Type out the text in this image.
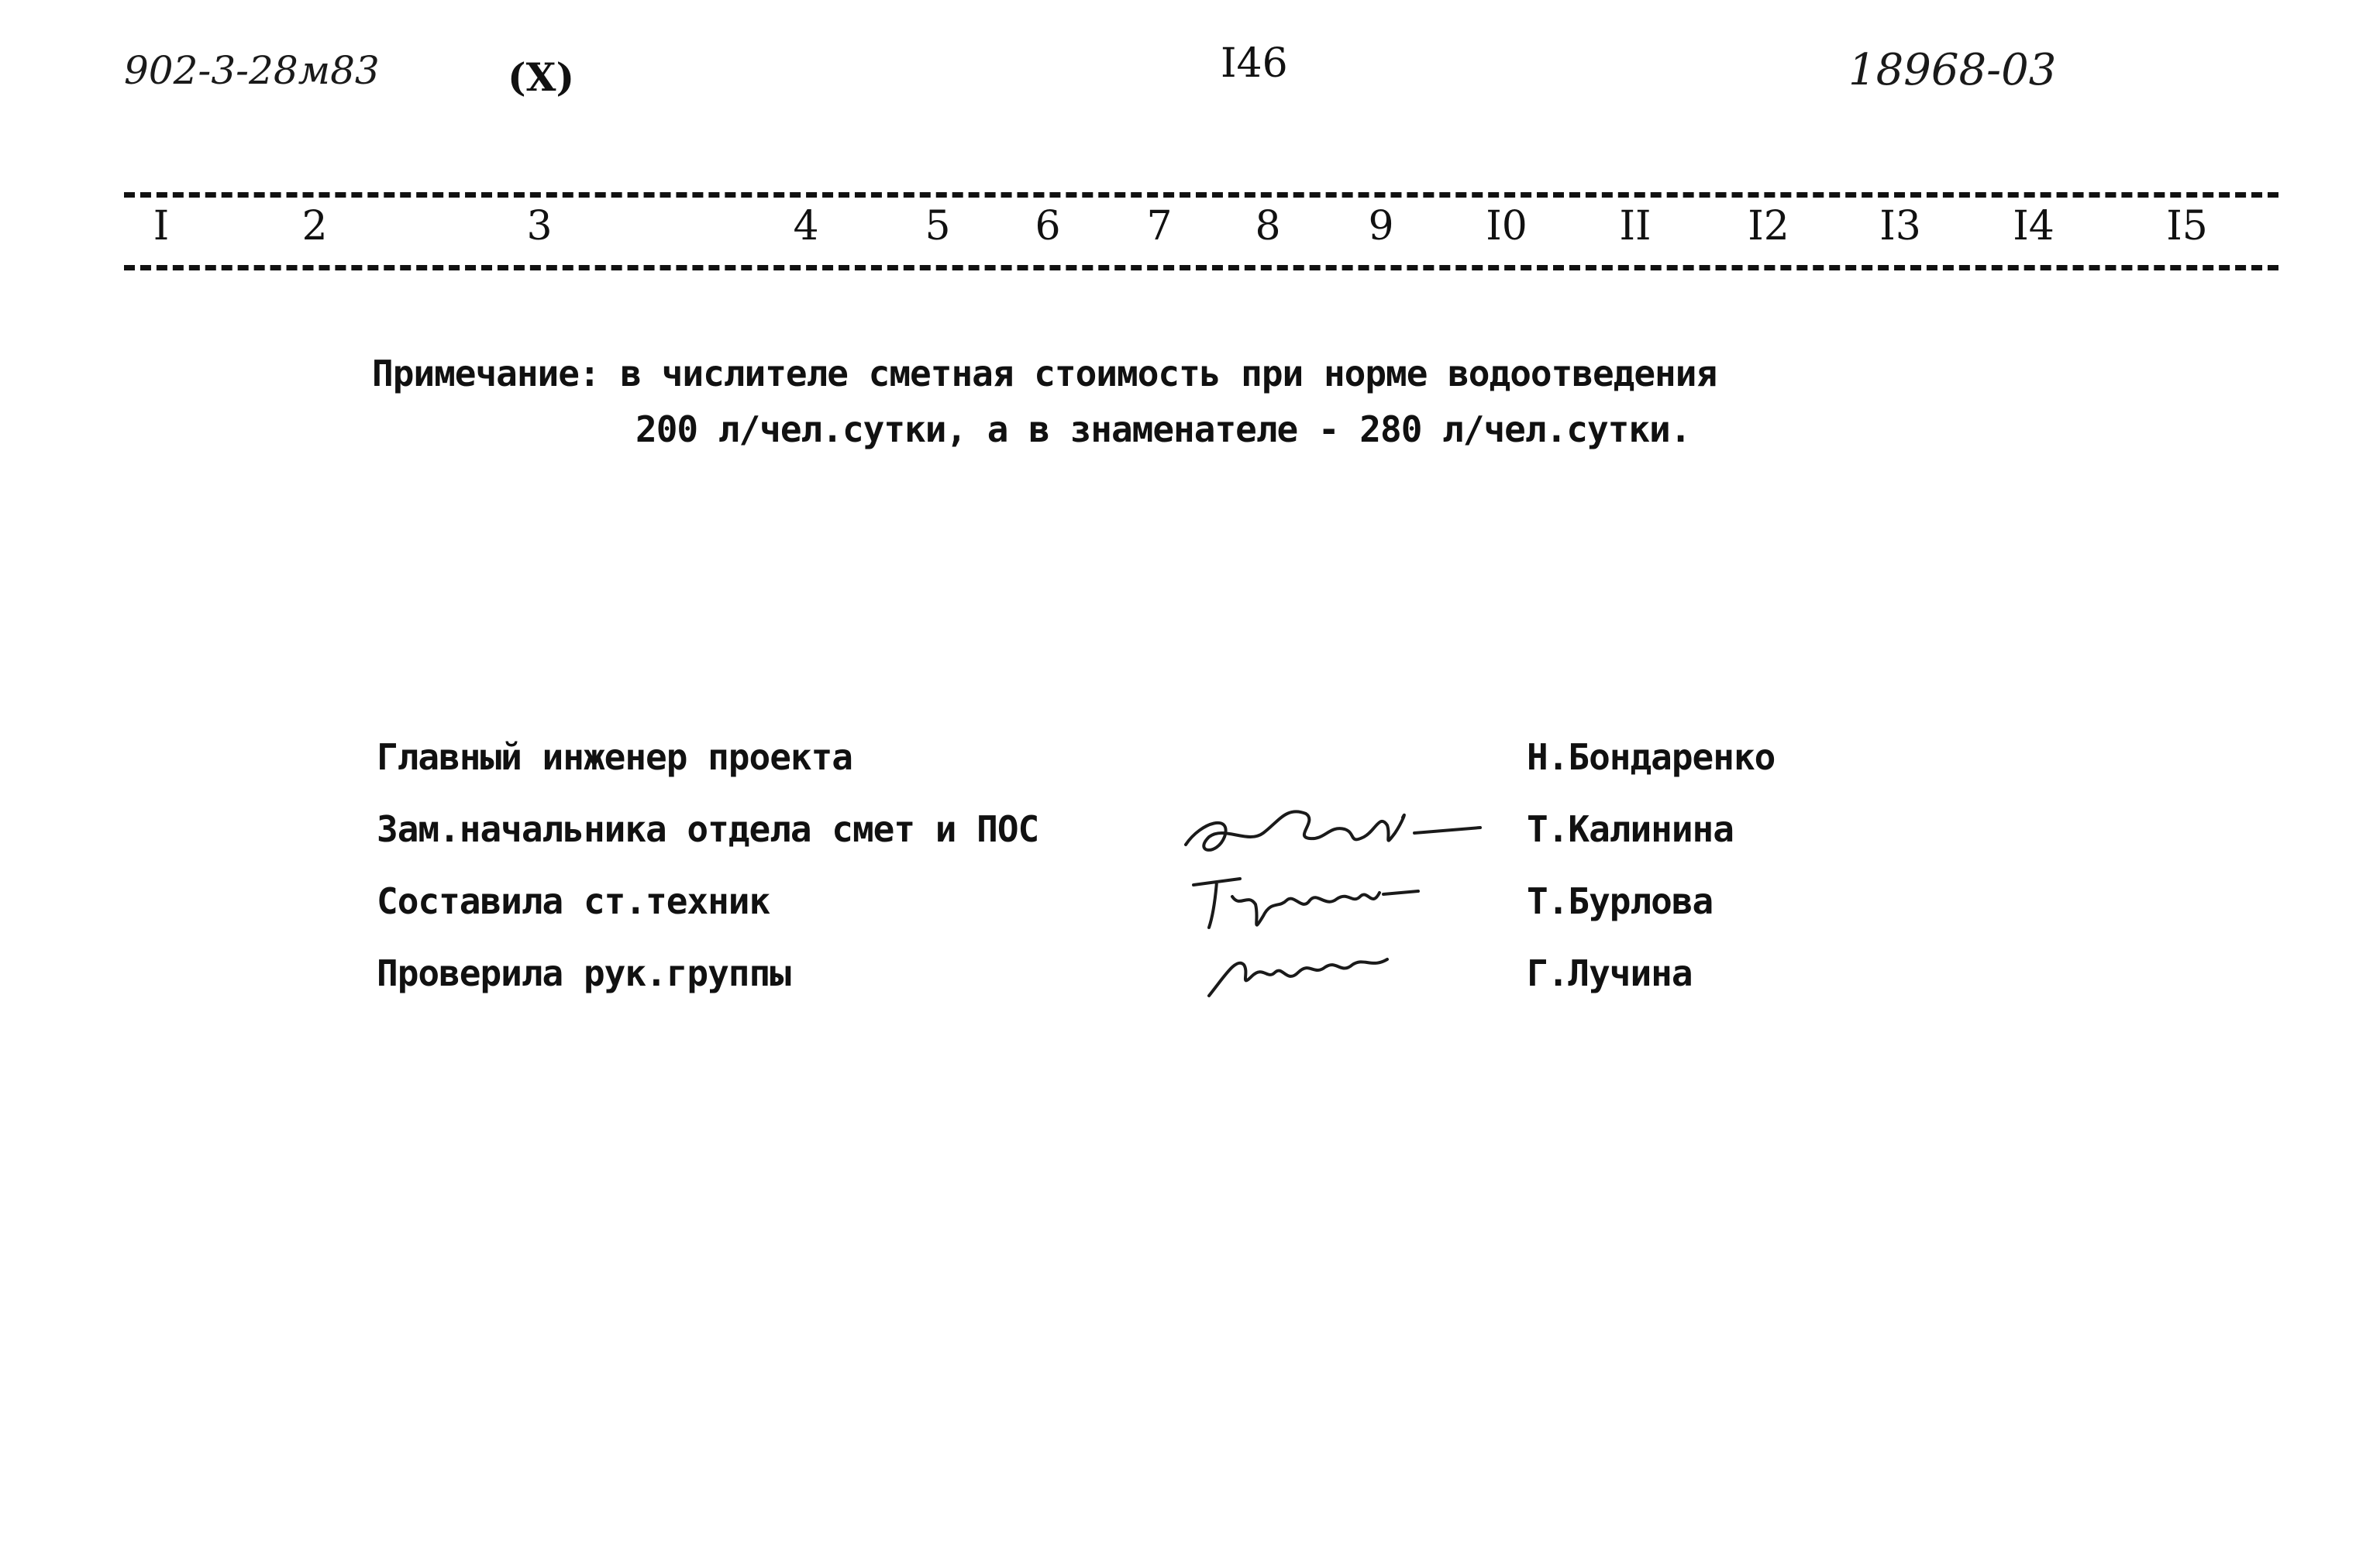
902-3-28м83	(X)	I46	18968-03
I	2	3	4	5 6 7 8 9 I0 II I2 I3 I4	I5
Примечание: в числителе сметная стоимость при норме водоотведения
200 л/чел.сутки, а в знаменателе - 280 л/чел.сутки.
Главный инженер проекта	Н.Бондаренко
Зам.начальника отдела смет и ПОС	Т.Калинина
Составила ст.техник	Т.Бурлова
Проверила рук.группы	Г.Лучина
